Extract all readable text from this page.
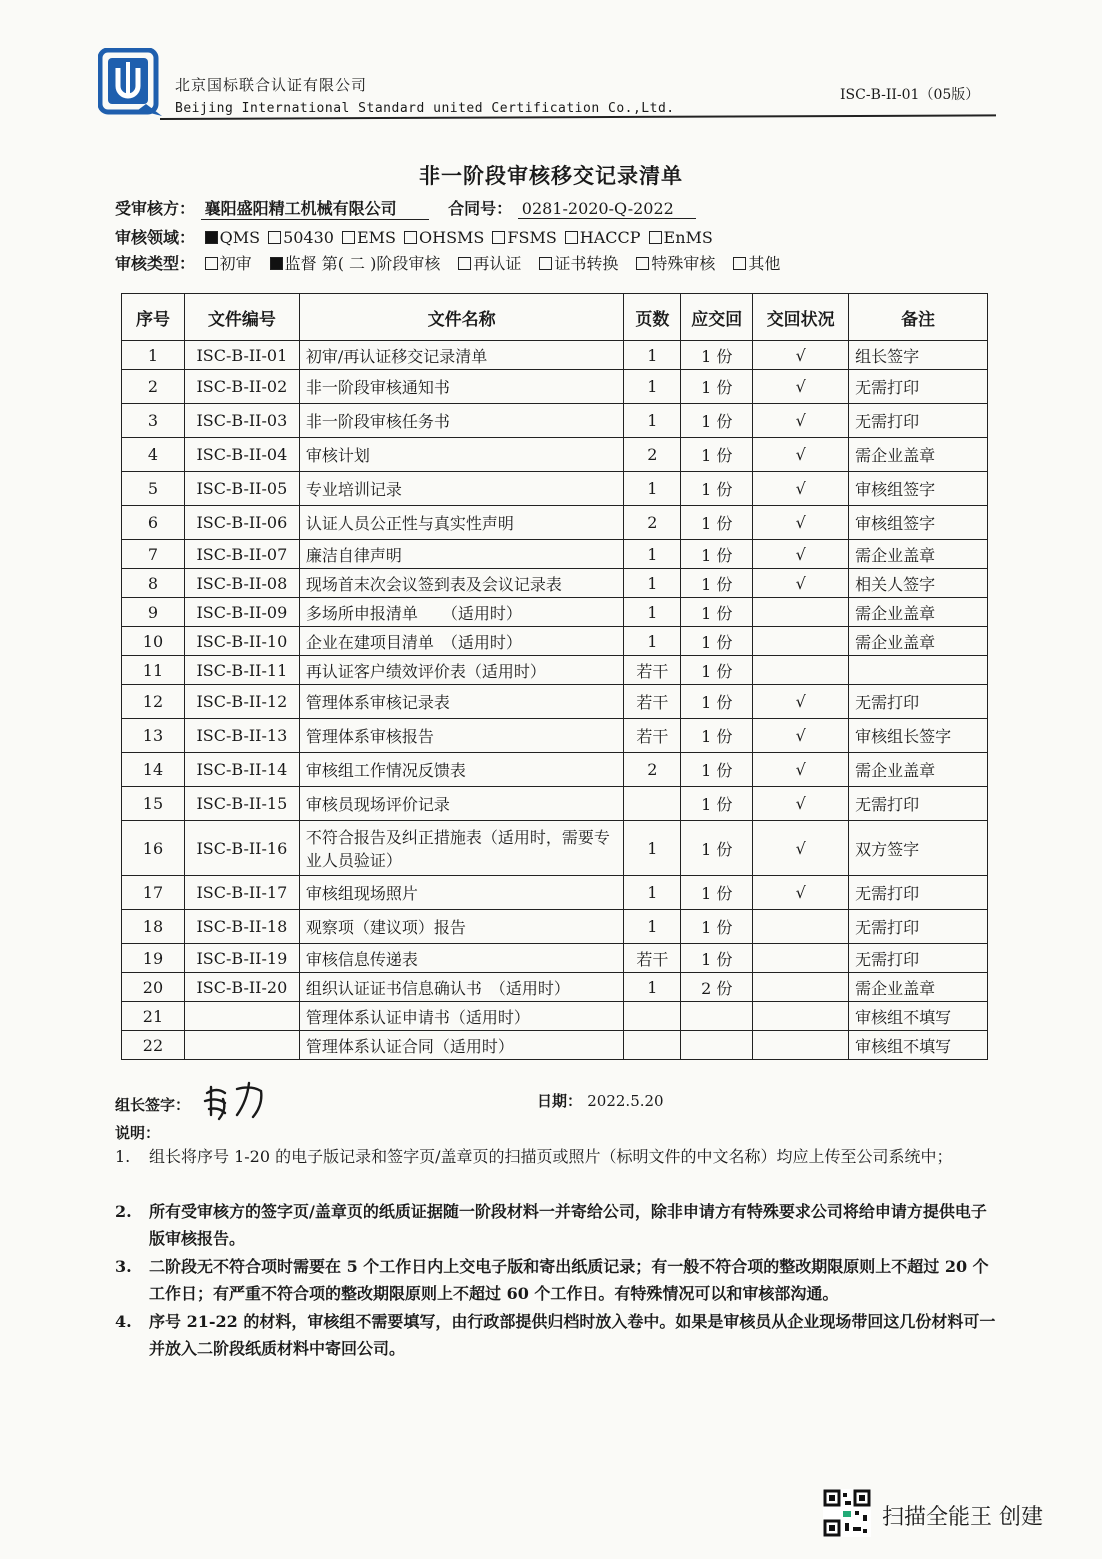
北京国标联合认证有限公司
Beijing International Standard united Certification Co.,Ltd.
ISC-B-II-01（05版）
非一阶段审核移交记录清单
受审核方： 襄阳盛阳精工机械有限公司	合同号： 0281-2020-Q-2022
审核领域： QMS 50430 EMS OHSMS FSMS HACCP EnMS
审核类型： 初审 监督 第( 二 )阶段审核 再认证 证书转换 特殊审核 其他
序号	文件编号	文件名称	页数	应交回	交回状况	备注
1	ISC-B-II-01	初审/再认证移交记录清单	1	1 份	√	组长签字
2	ISC-B-II-02	非一阶段审核通知书	1	1 份	√	无需打印
3	ISC-B-II-03	非一阶段审核任务书	1	1 份	√	无需打印
4	ISC-B-II-04	审核计划	2	1 份	√	需企业盖章
5	ISC-B-II-05	专业培训记录	1	1 份	√	审核组签字
6	ISC-B-II-06	认证人员公正性与真实性声明	2	1 份	√	审核组签字
7	ISC-B-II-07	廉洁自律声明	1	1 份	√	需企业盖章
8	ISC-B-II-08	现场首末次会议签到表及会议记录表	1	1 份	√	相关人签字
9	ISC-B-II-09	多场所申报清单　　（适用时）	1	1 份		需企业盖章
10	ISC-B-II-10	企业在建项目清单　（适用时）	1	1 份		需企业盖章
11	ISC-B-II-11	再认证客户绩效评价表（适用时）	若干	1 份		
12	ISC-B-II-12	管理体系审核记录表	若干	1 份	√	无需打印
13	ISC-B-II-13	管理体系审核报告	若干	1 份	√	审核组长签字
14	ISC-B-II-14	审核组工作情况反馈表	2	1 份	√	需企业盖章
15	ISC-B-II-15	审核员现场评价记录		1 份	√	无需打印
16	ISC-B-II-16	不符合报告及纠正措施表（适用时，需要专业人员验证）	1	1 份	√	双方签字
17	ISC-B-II-17	审核组现场照片	1	1 份	√	无需打印
18	ISC-B-II-18	观察项（建议项）报告	1	1 份		无需打印
19	ISC-B-II-19	审核信息传递表	若干	1 份		无需打印
20	ISC-B-II-20	组织认证证书信息确认书　（适用时）	1	2 份		需企业盖章
21		管理体系认证申请书（适用时）				审核组不填写
22		管理体系认证合同（适用时）				审核组不填写
组长签字：	日期： 2022.5.20
说明：
1.	组长将序号 1-20 的电子版记录和签字页/盖章页的扫描页或照片（标明文件的中文名称）均应上传至公司系统中；
2.	所有受审核方的签字页/盖章页的纸质证据随一阶段材料一并寄给公司，除非申请方有特殊要求公司将给申请方提供电子版审核报告。
3.	二阶段无不符合项时需要在 5 个工作日内上交电子版和寄出纸质记录；有一般不符合项的整改期限原则上不超过 20 个工作日；有严重不符合项的整改期限原则上不超过 60 个工作日。有特殊情况可以和审核部沟通。
4.	序号 21-22 的材料，审核组不需要填写，由行政部提供归档时放入卷中。如果是审核员从企业现场带回这几份材料可一并放入二阶段纸质材料中寄回公司。
扫描全能王 创建
